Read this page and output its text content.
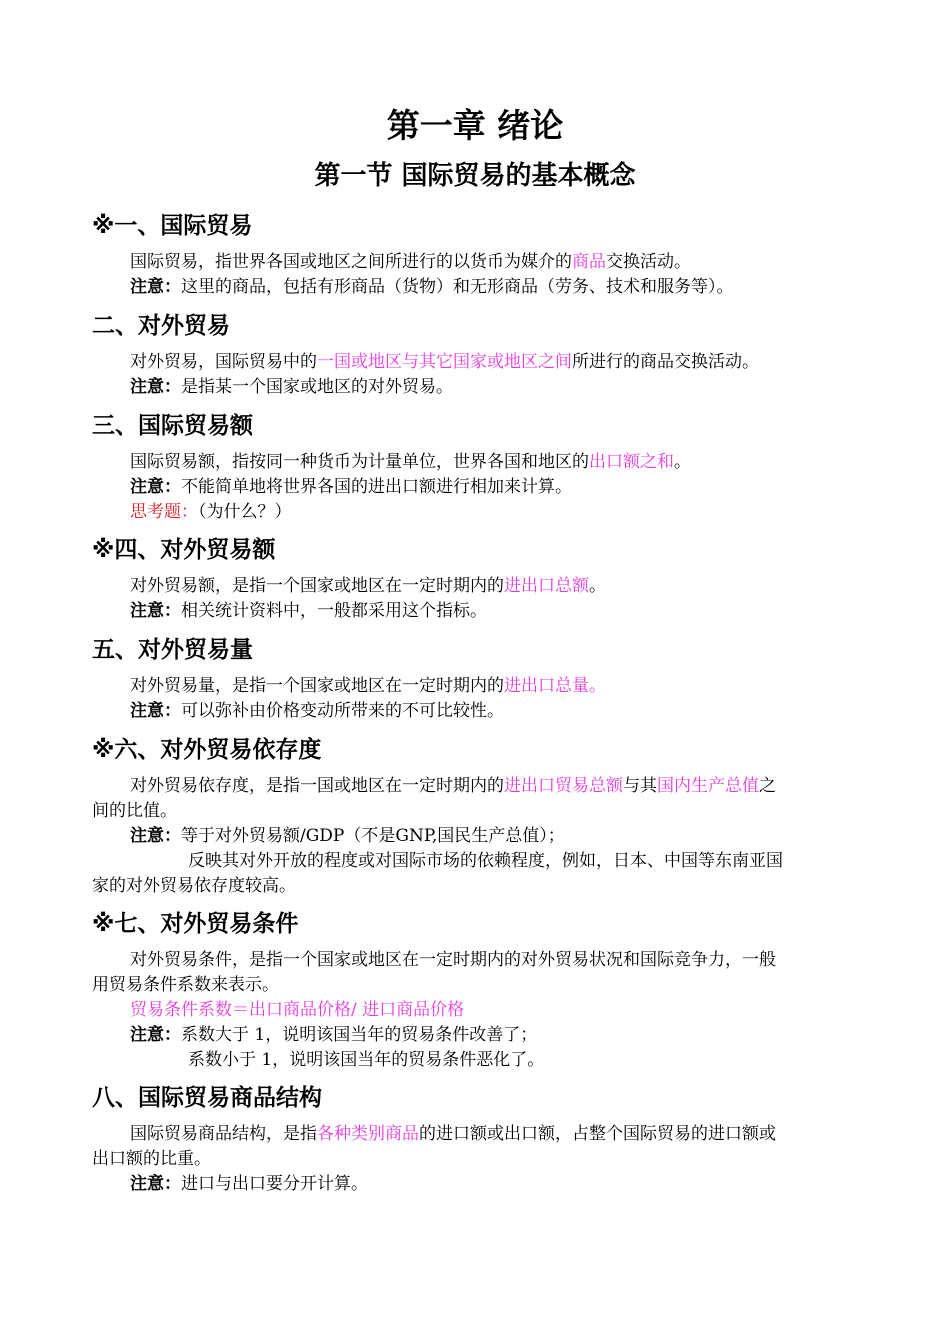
第一章 绪论
第一节 国际贸易的基本概念
※一、国际贸易
国际贸易，指世界各国或地区之间所进行的以货币为媒介的商品交换活动。
注意：这里的商品，包括有形商品（货物）和无形商品（劳务、技术和服务等）。
二、对外贸易
对外贸易，国际贸易中的一国或地区与其它国家或地区之间所进行的商品交换活动。
注意：是指某一个国家或地区的对外贸易。
三、国际贸易额
国际贸易额，指按同一种货币为计量单位，世界各国和地区的出口额之和。
注意：不能简单地将世界各国的进出口额进行相加来计算。
思考题：（为什么？）
※四、对外贸易额
对外贸易额，是指一个国家或地区在一定时期内的进出口总额。
注意：相关统计资料中，一般都采用这个指标。
五、对外贸易量
对外贸易量，是指一个国家或地区在一定时期内的进出口总量。
注意：可以弥补由价格变动所带来的不可比较性。
※六、对外贸易依存度
对外贸易依存度，是指一国或地区在一定时期内的进出口贸易总额与其国内生产总值之
间的比值。
注意：等于对外贸易额/GDP（不是GNP,国民生产总值）；
反映其对外开放的程度或对国际市场的依赖程度，例如，日本、中国等东南亚国
家的对外贸易依存度较高。
※七、对外贸易条件
对外贸易条件，是指一个国家或地区在一定时期内的对外贸易状况和国际竞争力，一般
用贸易条件系数来表示。
贸易条件系数＝出口商品价格/ 进口商品价格
注意：系数大于 1，说明该国当年的贸易条件改善了；
系数小于 1，说明该国当年的贸易条件恶化了。
八、国际贸易商品结构
国际贸易商品结构，是指各种类别商品的进口额或出口额，占整个国际贸易的进口额或
出口额的比重。
注意：进口与出口要分开计算。
